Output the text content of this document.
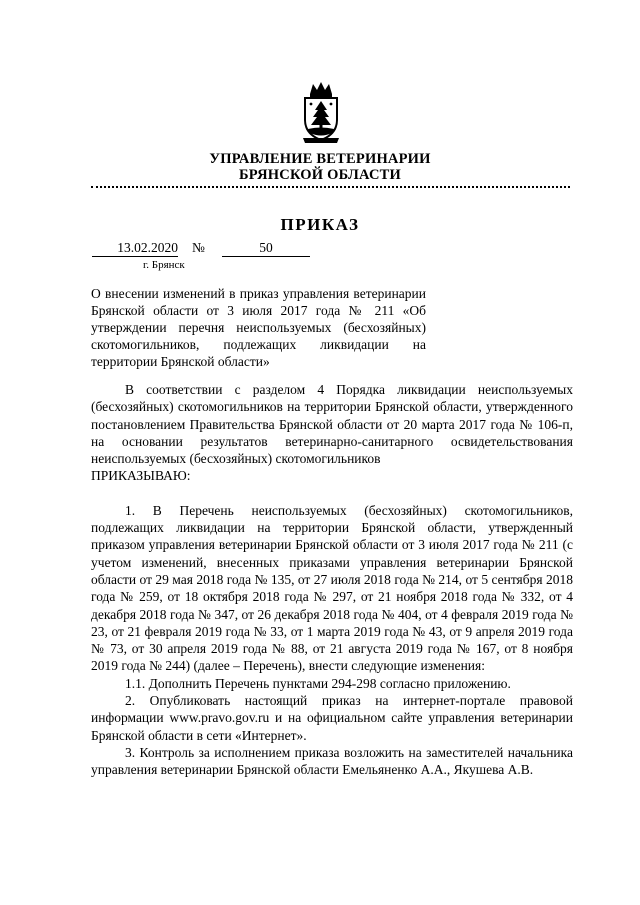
УПРАВЛЕНИЕ ВЕТЕРИНАРИИ
БРЯНСКОЙ ОБЛАСТИ
ПРИКАЗ
13.02.2020 №	50
г. Брянск
О внесении изменений в приказ управления ветеринарии Брянской области от 3 июля 2017 года № 211 «Об утверждении перечня неиспользуемых (бесхозяйных) скотомогильников, подлежащих ликвидации на территории Брянской области»
В соответствии с разделом 4 Порядка ликвидации неиспользуемых (бесхозяйных) скотомогильников на территории Брянской области, утвержденного постановлением Правительства Брянской области от 20 марта 2017 года № 106-п, на основании результатов ветеринарно-санитарного освидетельствования неиспользуемых (бесхозяйных) скотомогильников
ПРИКАЗЫВАЮ:
1. В Перечень неиспользуемых (бесхозяйных) скотомогильников, подлежащих ликвидации на территории Брянской области, утвержденный приказом управления ветеринарии Брянской области от 3 июля 2017 года № 211 (с учетом изменений, внесенных приказами управления ветеринарии Брянской области от 29 мая 2018 года № 135, от 27 июля 2018 года № 214, от 5 сентября 2018 года № 259, от 18 октября 2018 года № 297, от 21 ноября 2018 года № 332, от 4 декабря 2018 года № 347, от 26 декабря 2018 года № 404, от 4 февраля 2019 года № 23, от 21 февраля 2019 года № 33, от 1 марта 2019 года № 43, от 9 апреля 2019 года № 73, от 30 апреля 2019 года № 88, от 21 августа 2019 года № 167, от 8 ноября 2019 года № 244) (далее – Перечень), внести следующие изменения:
1.1. Дополнить Перечень пунктами 294-298 согласно приложению.
2. Опубликовать настоящий приказ на интернет-портале правовой информации www.pravo.gov.ru и на официальном сайте управления ветеринарии Брянской области в сети «Интернет».
3. Контроль за исполнением приказа возложить на заместителей начальника управления ветеринарии Брянской области Емельяненко А.А., Якушева А.В.
